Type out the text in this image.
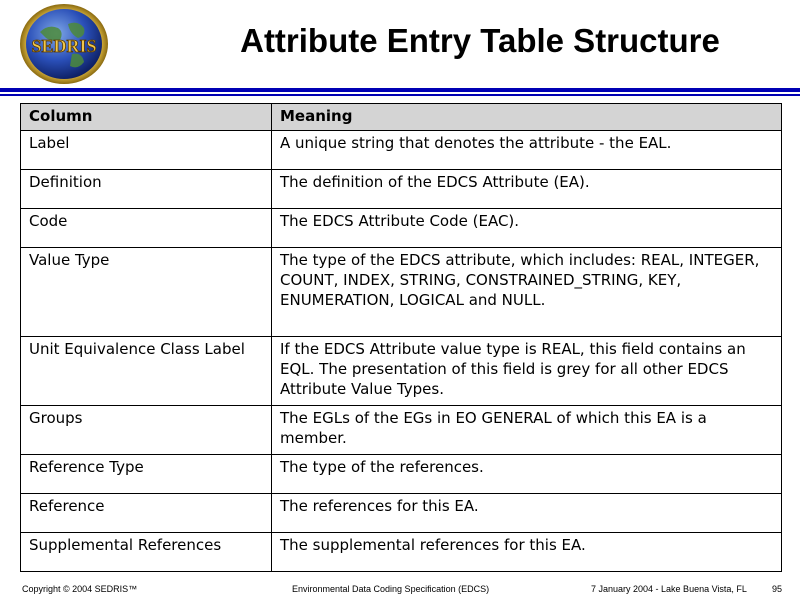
SEDRIS	Attribute Entry Table Structure
Column	Meaning
Label	A unique string that denotes the attribute - the EAL.
Definition	The definition of the EDCS Attribute (EA).
Code	The EDCS Attribute Code (EAC).
Value Type	The type of the EDCS attribute, which includes: REAL, INTEGER, COUNT, INDEX, STRING, CONSTRAINED_STRING, KEY, ENUMERATION, LOGICAL and NULL.
Unit Equivalence Class Label	If the EDCS Attribute value type is REAL, this field contains an EQL. The presentation of this field is grey for all other EDCS Attribute Value Types.
Groups	The EGLs of the EGs in EO GENERAL of which this EA is a member.
Reference Type	The type of the references.
Reference	The references for this EA.
Supplemental References	The supplemental references for this EA.
Copyright © 2004 SEDRIS™	Environmental Data Coding Specification (EDCS)	7 January 2004 - Lake Buena Vista, FL	95
